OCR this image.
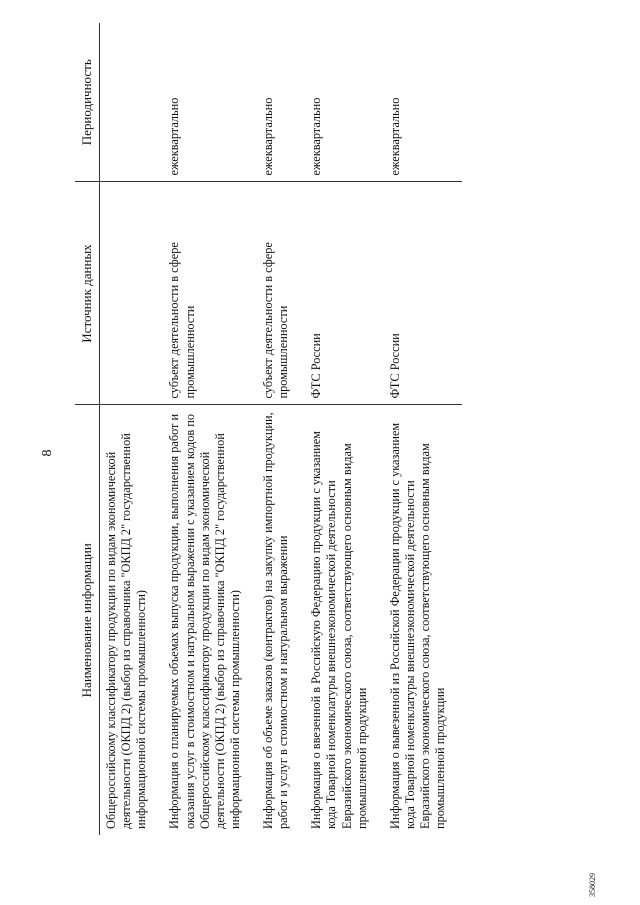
8
Наименование информации	Источник данных	Периодичность
Общероссийскому классификатору продукции по видам экономической деятельности (ОКПД 2) (выбор из справочника "ОКПД 2" государственной информационной системы промышленности)		
Информация о планируемых объемах выпуска продукции, выполнения работ и оказания услуг в стоимостном и натуральном выражении с указанием кодов по Общероссийскому классификатору продукции по видам экономической деятельности (ОКПД 2) (выбор из справочника "ОКПД 2" государственной информационной системы промышленности)	субъект деятельности в сфере промышленности	ежеквартально
Информация об объеме заказов (контрактов) на закупку импортной продукции, работ и услуг в стоимостном и натуральном выражении	субъект деятельности в сфере промышленности	ежеквартально
Информация о ввезенной в Российскую Федерацию продукции с указанием кода Товарной номенклатуры внешнеэкономической деятельности Евразийского экономического союза, соответствующего основным видам промышленной продукции	ФТС России	ежеквартально
Информация о вывезенной из Российской Федерации продукции с указанием кода Товарной номенклатуры внешнеэкономической деятельности Евразийского экономического союза, соответствующего основным видам промышленной продукции	ФТС России	ежеквартально
358029
